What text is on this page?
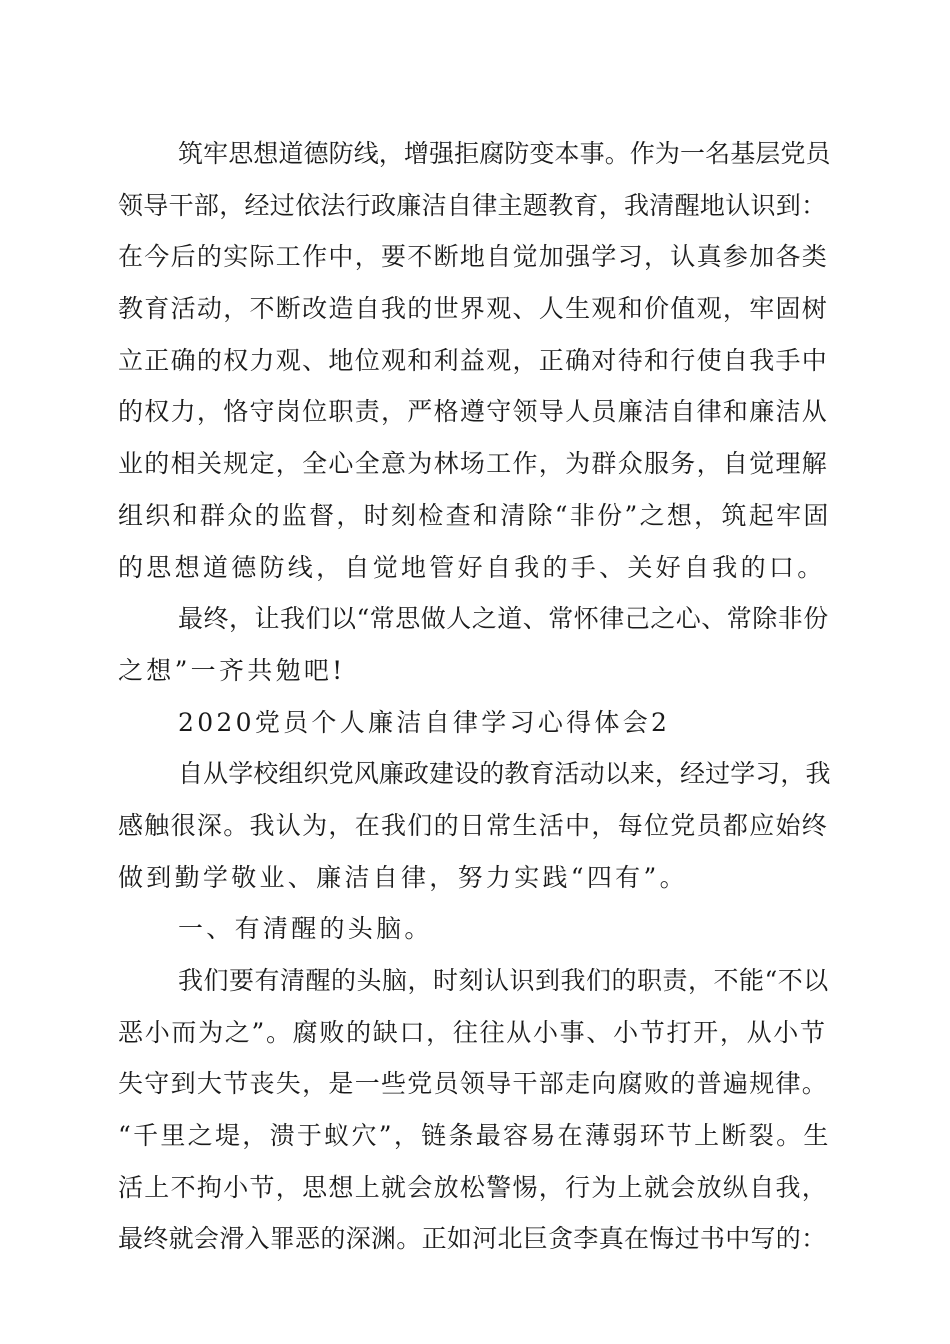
筑牢思想道德防线，增强拒腐防变本事。作为一名基层党员
领导干部，经过依法行政廉洁自律主题教育，我清醒地认识到：
在今后的实际工作中，要不断地自觉加强学习，认真参加各类
教育活动，不断改造自我的世界观、人生观和价值观，牢固树
立正确的权力观、地位观和利益观，正确对待和行使自我手中
的权力，恪守岗位职责，严格遵守领导人员廉洁自律和廉洁从
业的相关规定，全心全意为林场工作，为群众服务，自觉理解
组织和群众的监督，时刻检查和清除“非份”之想，筑起牢固
的思想道德防线，自觉地管好自我的手、关好自我的口。
最终，让我们以“常思做人之道、常怀律己之心、常除非份
之想”一齐共勉吧!
2020党员个人廉洁自律学习心得体会2
自从学校组织党风廉政建设的教育活动以来，经过学习，我
感触很深。我认为，在我们的日常生活中，每位党员都应始终
做到勤学敬业、廉洁自律，努力实践“四有”。
一、有清醒的头脑。
我们要有清醒的头脑，时刻认识到我们的职责，不能“不以
恶小而为之”。腐败的缺口，往往从小事、小节打开，从小节
失守到大节丧失，是一些党员领导干部走向腐败的普遍规律。
“千里之堤，溃于蚁穴”，链条最容易在薄弱环节上断裂。生
活上不拘小节，思想上就会放松警惕，行为上就会放纵自我，
最终就会滑入罪恶的深渊。正如河北巨贪李真在悔过书中写的：
